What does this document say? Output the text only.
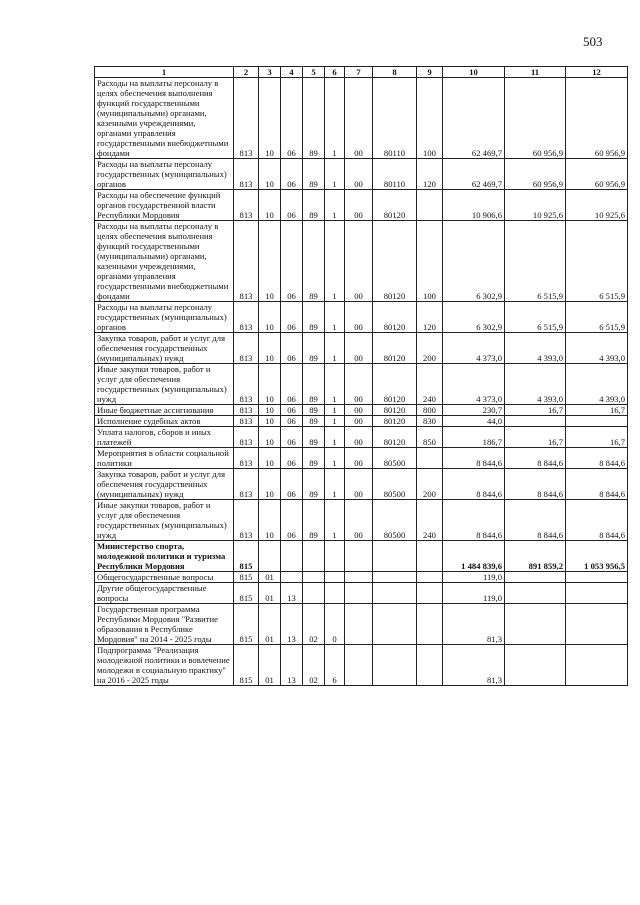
503
1	2	3	4	5	6	7	8	9	10	11	12
Расходы на выплаты персоналу в целях обеспечения выполнения функций государственными (муниципальными) органами, казенными учреждениями, органами управления государственными внебюджетными фондами	813	10	06	89	1	00	80110	100	62 469,7	60 956,9	60 956,9
Расходы на выплаты персоналу государственных (муниципальных) органов	813	10	06	89	1	00	80110	120	62 469,7	60 956,9	60 956,9
Расходы на обеспечение функций органов государственной власти Республики Мордовия	813	10	06	89	1	00	80120		10 906,6	10 925,6	10 925,6
Расходы на выплаты персоналу в целях обеспечения выполнения функций государственными (муниципальными) органами, казенными учреждениями, органами управления государственными внебюджетными фондами	813	10	06	89	1	00	80120	100	6 302,9	6 515,9	6 515,9
Расходы на выплаты персоналу государственных (муниципальных) органов	813	10	06	89	1	00	80120	120	6 302,9	6 515,9	6 515,9
Закупка товаров, работ и услуг для обеспечения государственных (муниципальных) нужд	813	10	06	89	1	00	80120	200	4 373,0	4 393,0	4 393,0
Иные закупки товаров, работ и услуг для обеспечения государственных (муниципальных) нужд	813	10	06	89	1	00	80120	240	4 373,0	4 393,0	4 393,0
Иные бюджетные ассигнования	813	10	06	89	1	00	80120	800	230,7	16,7	16,7
Исполнение судебных актов	813	10	06	89	1	00	80120	830	44,0		
Уплата налогов, сборов и иных платежей	813	10	06	89	1	00	80120	850	186,7	16,7	16,7
Мероприятия в области социальной политики	813	10	06	89	1	00	80500		8 844,6	8 844,6	8 844,6
Закупка товаров, работ и услуг для обеспечения государственных (муниципальных) нужд	813	10	06	89	1	00	80500	200	8 844,6	8 844,6	8 844,6
Иные закупки товаров, работ и услуг для обеспечения государственных (муниципальных) нужд	813	10	06	89	1	00	80500	240	8 844,6	8 844,6	8 844,6
Министерство спорта, молодежной политики и туризма Республики Мордовия	815								1 484 839,6	891 859,2	1 053 956,5
Общегосударственные вопросы	815	01							119,0		
Другие общегосударственные вопросы	815	01	13						119,0		
Государственная программа Республики Мордовия "Развитие образования в Республике Мордовия" на 2014 - 2025 годы	815	01	13	02	0				81,3		
Подпрограмма "Реализация молодежной политики и вовлечение молодежи в социальную практику" на 2016 - 2025 годы	815	01	13	02	6				81,3		
